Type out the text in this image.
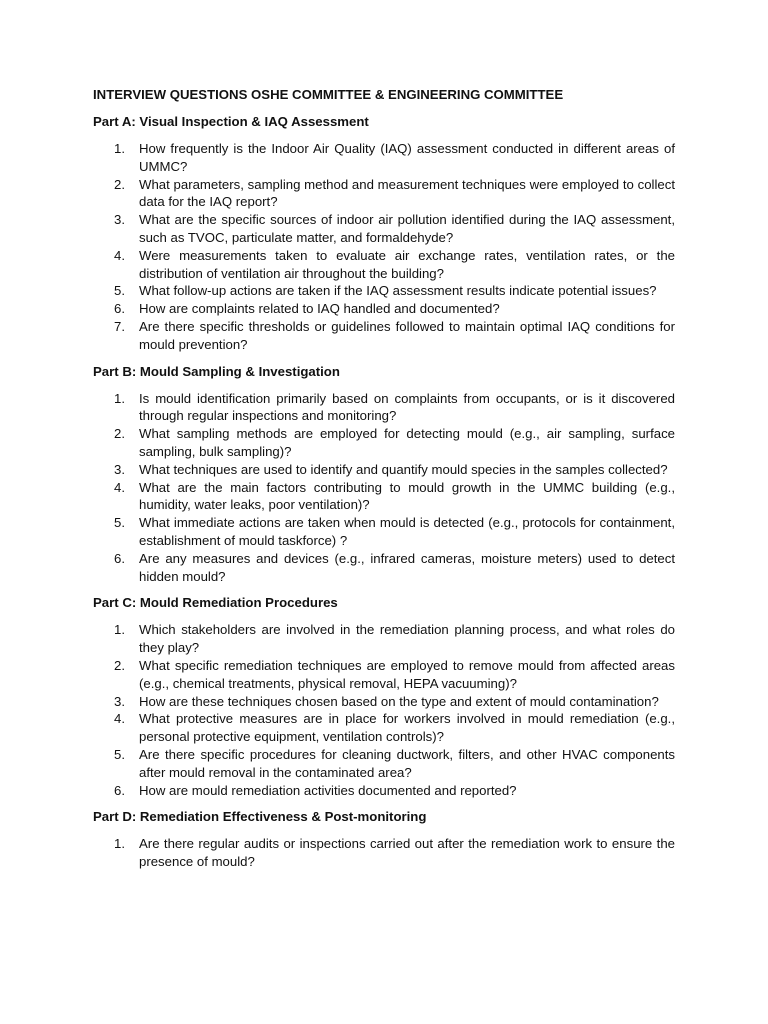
INTERVIEW QUESTIONS OSHE COMMITTEE & ENGINEERING COMMITTEE
Part A: Visual Inspection & IAQ Assessment
1. How frequently is the Indoor Air Quality (IAQ) assessment conducted in different areas of UMMC?
2. What parameters, sampling method and measurement techniques were employed to collect data for the IAQ report?
3. What are the specific sources of indoor air pollution identified during the IAQ assessment, such as TVOC, particulate matter, and formaldehyde?
4. Were measurements taken to evaluate air exchange rates, ventilation rates, or the distribution of ventilation air throughout the building?
5. What follow-up actions are taken if the IAQ assessment results indicate potential issues?
6. How are complaints related to IAQ handled and documented?
7. Are there specific thresholds or guidelines followed to maintain optimal IAQ conditions for mould prevention?
Part B: Mould Sampling & Investigation
1. Is mould identification primarily based on complaints from occupants, or is it discovered through regular inspections and monitoring?
2. What sampling methods are employed for detecting mould (e.g., air sampling, surface sampling, bulk sampling)?
3. What techniques are used to identify and quantify mould species in the samples collected?
4. What are the main factors contributing to mould growth in the UMMC building (e.g., humidity, water leaks, poor ventilation)?
5. What immediate actions are taken when mould is detected (e.g., protocols for containment, establishment of mould taskforce) ?
6. Are any measures and devices (e.g., infrared cameras, moisture meters) used to detect hidden mould?
Part C: Mould Remediation Procedures
1. Which stakeholders are involved in the remediation planning process, and what roles do they play?
2. What specific remediation techniques are employed to remove mould from affected areas (e.g., chemical treatments, physical removal, HEPA vacuuming)?
3. How are these techniques chosen based on the type and extent of mould contamination?
4. What protective measures are in place for workers involved in mould remediation (e.g., personal protective equipment, ventilation controls)?
5. Are there specific procedures for cleaning ductwork, filters, and other HVAC components after mould removal in the contaminated area?
6. How are mould remediation activities documented and reported?
Part D: Remediation Effectiveness & Post-monitoring
1. Are there regular audits or inspections carried out after the remediation work to ensure the presence of mould?
